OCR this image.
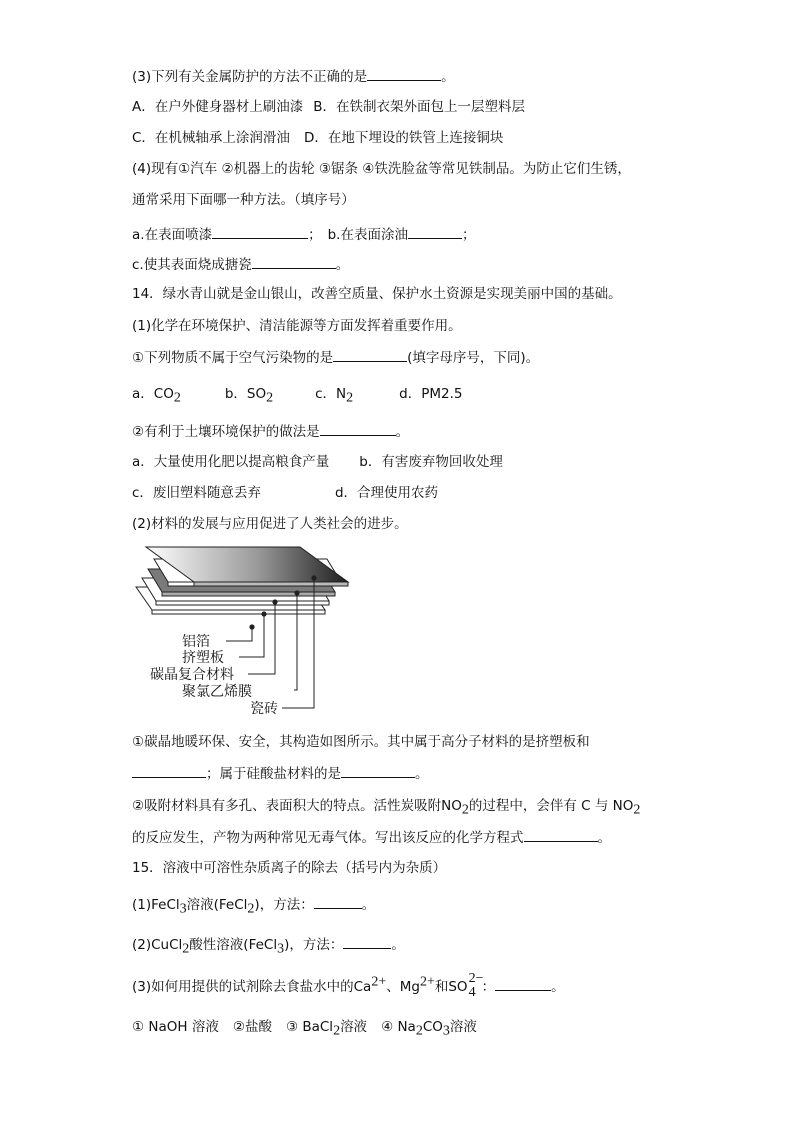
(3)下列有关金属防护的方法不正确的是	。
A．在户外健身器材上刷油漆 B．在铁制衣架外面包上一层塑料层
C．在机械轴承上涂润滑油 D．在地下埋设的铁管上连接铜块
(4)现有①汽车 ②机器上的齿轮 ③锯条 ④铁洗脸盆等常见铁制品。为防止它们生锈，
通常采用下面哪一种方法。（填序号）
a.在表面喷漆	； b.在表面涂油	；
c.使其表面烧成搪瓷	。
14．绿水青山就是金山银山，改善空质量、保护水土资源是实现美丽中国的基础。
(1)化学在环境保护、清洁能源等方面发挥着重要作用。
①下列物质不属于空气污染物的是	(填字母序号，下同)。
a．$CO_2$	b．$SO_2$	c．$N_2$	d．PM2.5
②有利于土壤环境保护的做法是	。
a．大量使用化肥以提高粮食产量 b．有害废弃物回收处理
c．废旧塑料随意丢弃	d．合理使用农药
(2)材料的发展与应用促进了人类社会的进步。
铝箔
挤塑板
碳晶复合材料
聚氯乙烯膜
瓷砖
①碳晶地暖环保、安全，其构造如图所示。其中属于高分子材料的是挤塑板和
；属于硅酸盐材料的是	。
②吸附材料具有多孔、表面积大的特点。活性炭吸附$NO_2$的过程中，会伴有 C 与 $NO_2$
的反应发生，产物为两种常见无毒气体。写出该反应的化学方程式	。
15．溶液中可溶性杂质离子的除去（括号内为杂质）
(1)FeCl$_3$溶液(FeCl$_2$)，方法：	。
(2)CuCl$_2$酸性溶液(FeCl$_3$)，方法：	。
(3)如何用提供的试剂除去食盐水中的$Ca^{2+}$、$Mg^{2+}$和SO
2−
4 ：	。
① NaOH 溶液 ②盐酸 ③ BaCl$_2$溶液 ④ $Na_2CO_3$溶液
